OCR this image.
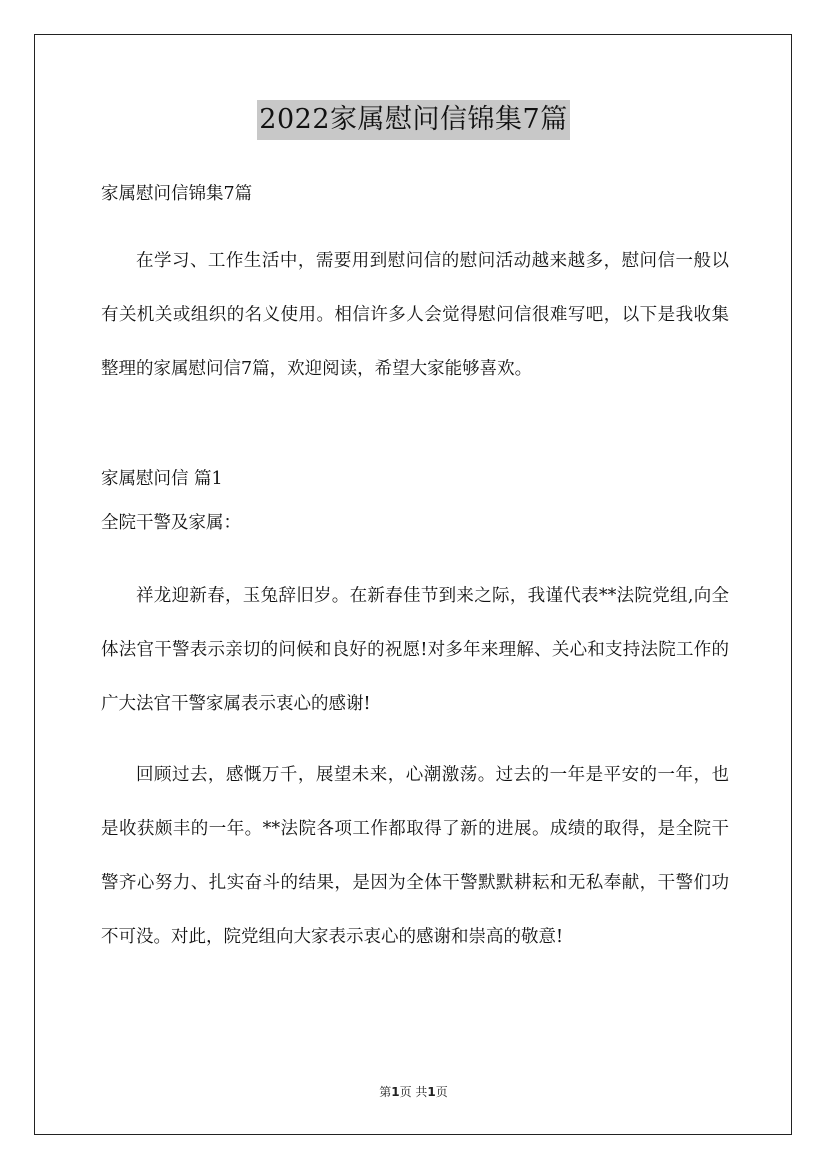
2022家属慰问信锦集7篇

家属慰问信锦集7篇

在学习、工作生活中，需要用到慰问信的慰问活动越来越多，慰问信一般以有关机关或组织的名义使用。相信许多人会觉得慰问信很难写吧，以下是我收集整理的家属慰问信7篇，欢迎阅读，希望大家能够喜欢。

家属慰问信 篇1

全院干警及家属：

祥龙迎新春，玉兔辞旧岁。在新春佳节到来之际，我谨代表**法院党组,向全体法官干警表示亲切的问候和良好的祝愿!对多年来理解、关心和支持法院工作的广大法官干警家属表示衷心的感谢!

回顾过去，感慨万千，展望未来，心潮激荡。过去的一年是平安的一年，也是收获颇丰的一年。**法院各项工作都取得了新的进展。成绩的取得，是全院干警齐心努力、扎实奋斗的结果，是因为全体干警默默耕耘和无私奉献，干警们功不可没。对此，院党组向大家表示衷心的感谢和崇高的敬意!

第1页 共1页
